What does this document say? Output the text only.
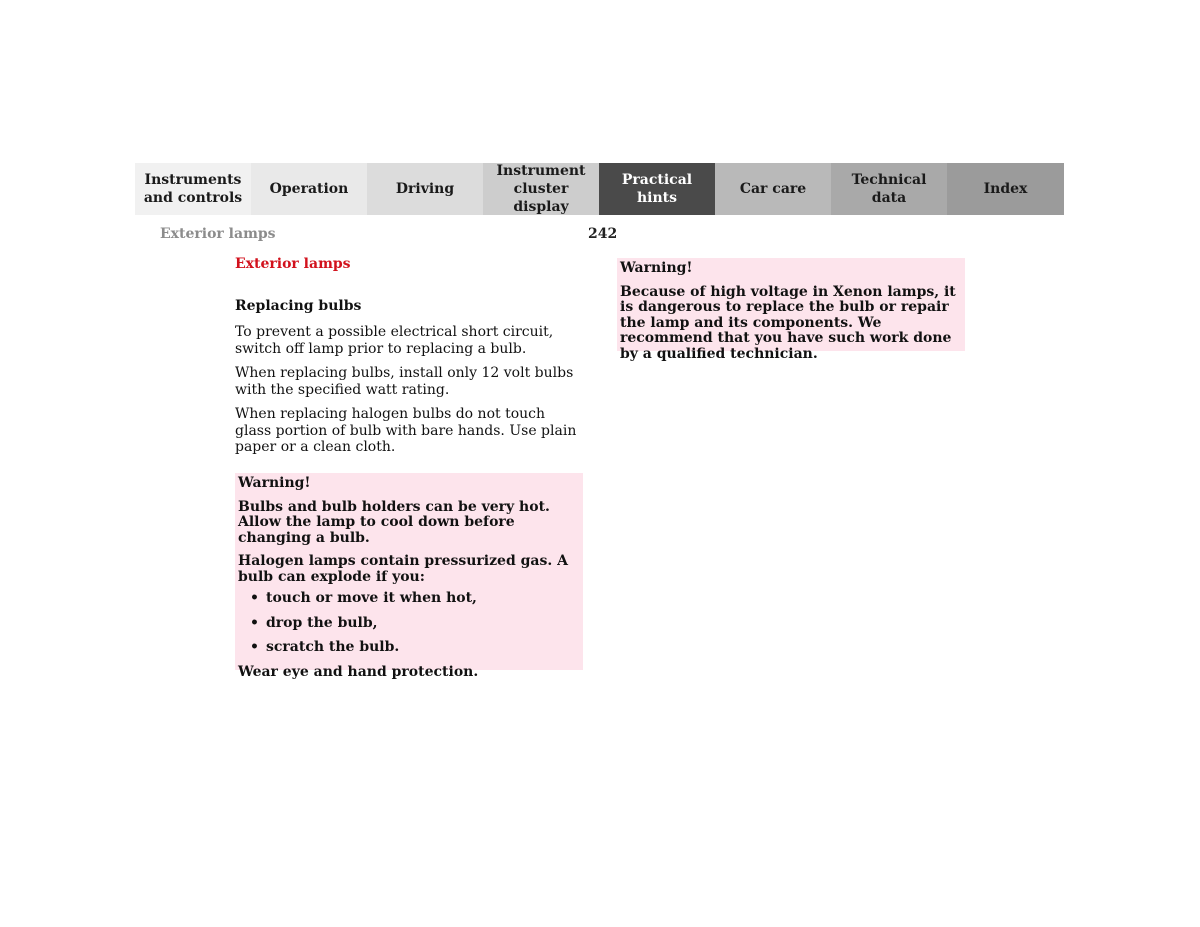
Instruments
and controls
Operation	Driving
Instrument
cluster display
Practical hints
Car care
Technical
data
Index
Exterior lamps	242

Exterior lamps

Replacing bulbs

To prevent a possible electrical short circuit, switch off lamp prior to replacing a bulb.

When replacing bulbs, install only 12 volt bulbs with the specified watt rating.

When replacing halogen bulbs do not touch glass portion of bulb with bare hands. Use plain paper or a clean cloth.

Warning!

Bulbs and bulb holders can be very hot. Allow the lamp to cool down before changing a bulb.

Halogen lamps contain pressurized gas. A bulb can explode if you:

• touch or move it when hot,
• drop the bulb,
• scratch the bulb.

Wear eye and hand protection.

Warning!

Because of high voltage in Xenon lamps, it is dangerous to replace the bulb or repair the lamp and its components. We recommend that you have such work done by a qualified technician.
